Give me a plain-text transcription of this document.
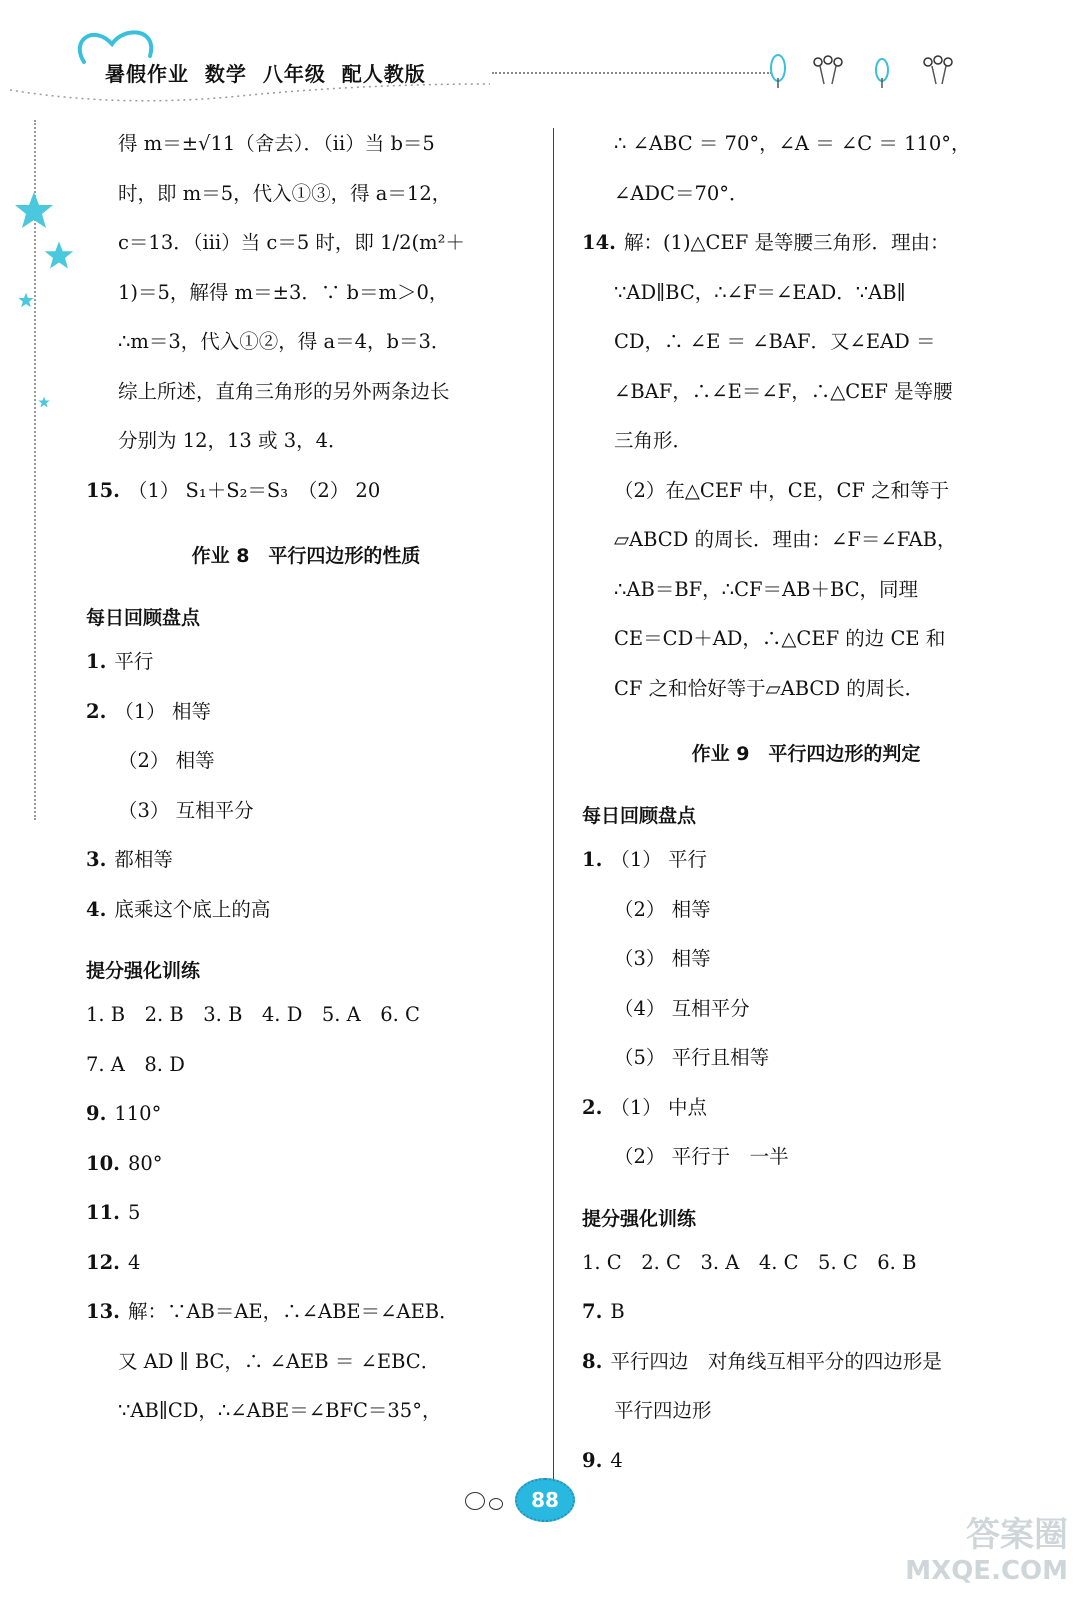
暑假作业  数学  八年级  配人教版
得 m＝±√11（舍去）．（ⅱ）当 b＝5
时，即 m＝5，代入①③，得 a＝12，
c＝13．（ⅲ）当 c＝5 时，即 1/2(m²＋
1)＝5，解得 m＝±3．∵ b＝m＞0，
∴m＝3，代入①②，得 a＝4，b＝3．
综上所述，直角三角形的另外两条边长
分别为 12，13 或 3，4．
15. （1） S₁＋S₂＝S₃　（2） 20
作业 8　平行四边形的性质
每日回顾盘点
1. 平行
2. （1） 相等
（2） 相等
（3） 互相平分
3. 都相等
4. 底乘这个底上的高
提分强化训练
1. B　2. B　3. B　4. D　5. A　6. C
7. A　8. D
9. 110°
10. 80°
11. 5
12. 4
13. 解：∵AB＝AE，∴∠ABE＝∠AEB．
又 AD ∥ BC，∴ ∠AEB ＝ ∠EBC．
∵AB∥CD，∴∠ABE＝∠BFC＝35°，
∴ ∠ABC ＝ 70°，∠A ＝ ∠C ＝ 110°，
∠ADC＝70°．
14. 解：(1)△CEF 是等腰三角形．理由：
∵AD∥BC，∴∠F＝∠EAD．∵AB∥
CD，∴ ∠E ＝ ∠BAF．又∠EAD ＝
∠BAF，∴∠E＝∠F，∴△CEF 是等腰
三角形．
（2）在△CEF 中，CE，CF 之和等于
▱ABCD 的周长．理由：∠F＝∠FAB，
∴AB＝BF，∴CF＝AB＋BC，同理
CE＝CD＋AD，∴△CEF 的边 CE 和
CF 之和恰好等于▱ABCD 的周长．
作业 9　平行四边形的判定
每日回顾盘点
1. （1） 平行
（2） 相等
（3） 相等
（4） 互相平分
（5） 平行且相等
2. （1） 中点
（2） 平行于　一半
提分强化训练
1. C　2. C　3. A　4. C　5. C　6. B
7. B
8. 平行四边　对角线互相平分的四边形是
平行四边形
9. 4
88
答案圈
MXQE.COM
